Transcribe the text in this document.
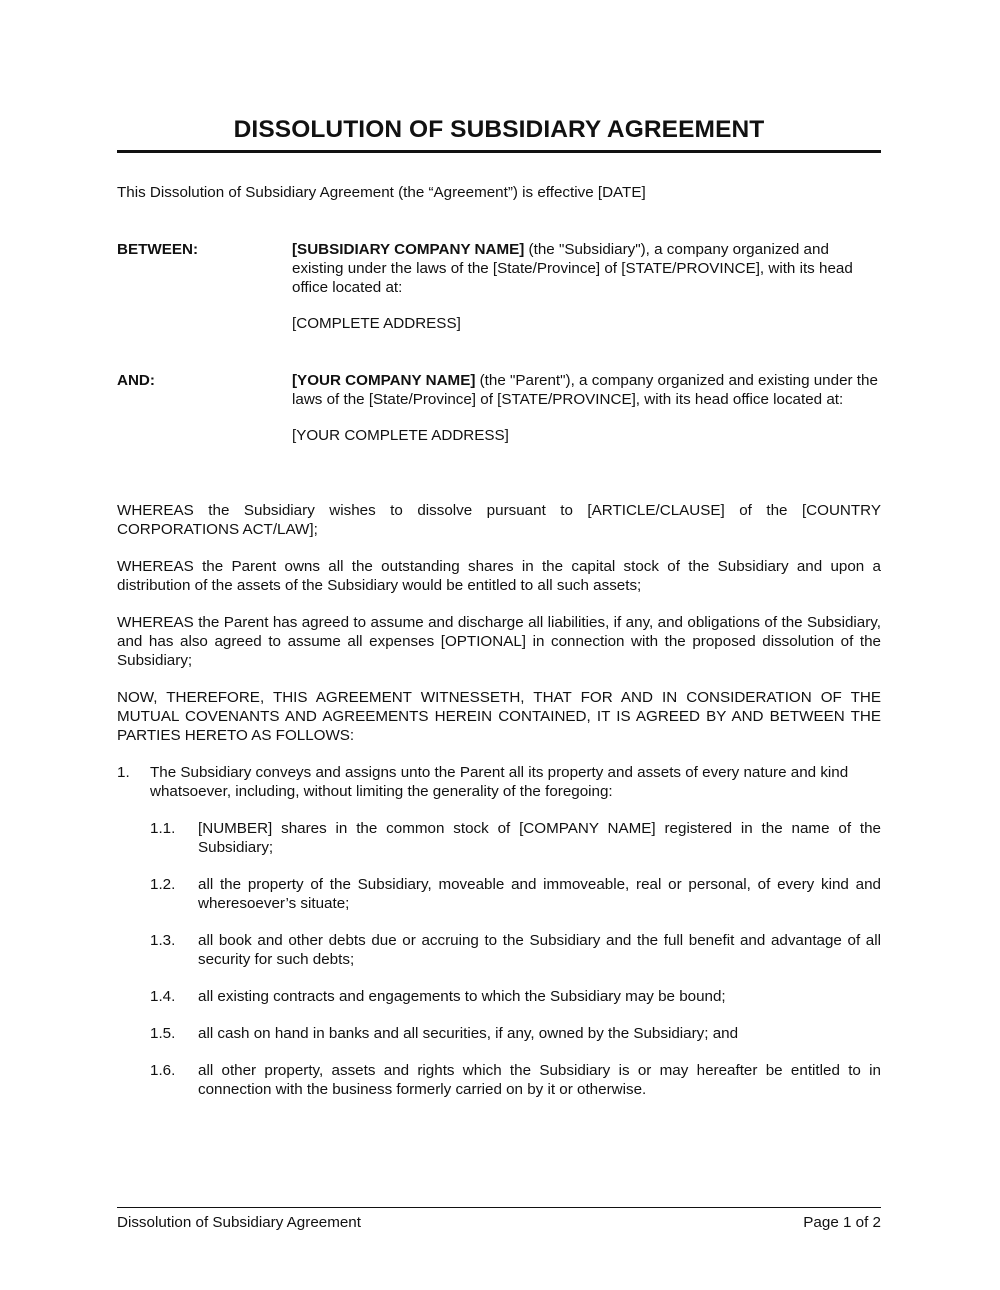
DISSOLUTION OF SUBSIDIARY AGREEMENT

This Dissolution of Subsidiary Agreement (the “Agreement”) is effective [DATE]

BETWEEN:	[SUBSIDIARY COMPANY NAME] (the "Subsidiary"), a company organized and existing under the laws of the [State/Province] of [STATE/PROVINCE], with its head office located at:

[COMPLETE ADDRESS]

AND:	[YOUR COMPANY NAME] (the "Parent"), a company organized and existing under the laws of the [State/Province] of [STATE/PROVINCE], with its head office located at:

[YOUR COMPLETE ADDRESS]

WHEREAS the Subsidiary wishes to dissolve pursuant to [ARTICLE/CLAUSE] of the [COUNTRY CORPORATIONS ACT/LAW];

WHEREAS the Parent owns all the outstanding shares in the capital stock of the Subsidiary and upon a distribution of the assets of the Subsidiary would be entitled to all such assets;

WHEREAS the Parent has agreed to assume and discharge all liabilities, if any, and obligations of the Subsidiary, and has also agreed to assume all expenses [OPTIONAL] in connection with the proposed dissolution of the Subsidiary;

NOW, THEREFORE, THIS AGREEMENT WITNESSETH, THAT FOR AND IN CONSIDERATION OF THE MUTUAL COVENANTS AND AGREEMENTS HEREIN CONTAINED, IT IS AGREED BY AND BETWEEN THE PARTIES HERETO AS FOLLOWS:

1. The Subsidiary conveys and assigns unto the Parent all its property and assets of every nature and kind whatsoever, including, without limiting the generality of the foregoing:
1.1. [NUMBER] shares in the common stock of [COMPANY NAME] registered in the name of the Subsidiary;
1.2. all the property of the Subsidiary, moveable and immoveable, real or personal, of every kind and wheresoever’s situate;
1.3. all book and other debts due or accruing to the Subsidiary and the full benefit and advantage of all security for such debts;
1.4. all existing contracts and engagements to which the Subsidiary may be bound;
1.5. all cash on hand in banks and all securities, if any, owned by the Subsidiary; and
1.6. all other property, assets and rights which the Subsidiary is or may hereafter be entitled to in connection with the business formerly carried on by it or otherwise.
Dissolution of Subsidiary Agreement	Page 1 of 2
